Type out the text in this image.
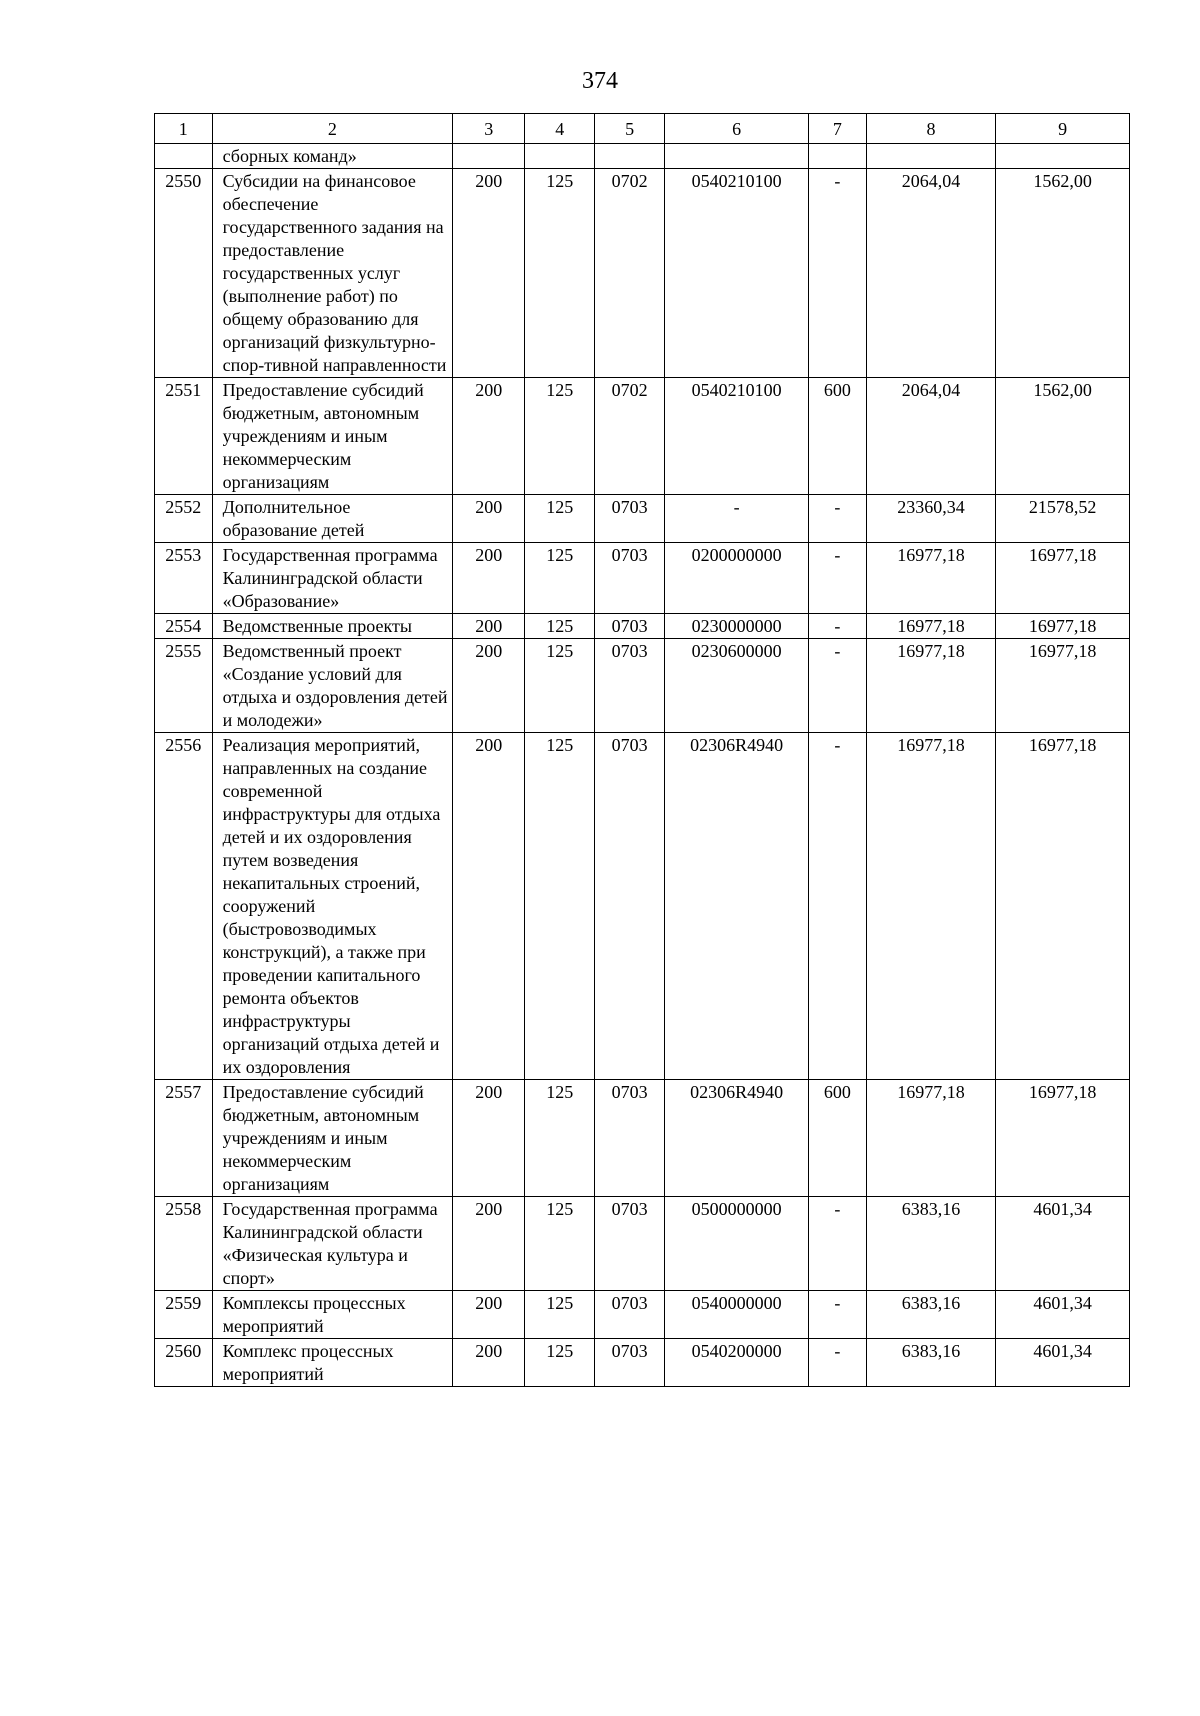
374
1	2	3	4	5	6	7	8	9
	сборных команд»							
2550	Субсидии на финансовое обеспечение государственного задания на предоставление государственных услуг (выполнение работ) по общему образованию для организаций физкультурно-спор-тивной направленности	200	125	0702	0540210100	-	2064,04	1562,00
2551	Предоставление субсидий бюджетным, автономным учреждениям и иным некоммерческим организациям	200	125	0702	0540210100	600	2064,04	1562,00
2552	Дополнительное образование детей	200	125	0703	-	-	23360,34	21578,52
2553	Государственная программа Калининградской области «Образование»	200	125	0703	0200000000	-	16977,18	16977,18
2554	Ведомственные проекты	200	125	0703	0230000000	-	16977,18	16977,18
2555	Ведомственный проект «Создание условий для отдыха и оздоровления детей и молодежи»	200	125	0703	0230600000	-	16977,18	16977,18
2556	Реализация мероприятий, направленных на создание современной инфраструктуры для отдыха детей и их оздоровления путем возведения некапитальных строений, сооружений (быстровозводимых конструкций), а также при проведении капитального ремонта объектов инфраструктуры организаций отдыха детей и их оздоровления	200	125	0703	02306R4940	-	16977,18	16977,18
2557	Предоставление субсидий бюджетным, автономным учреждениям и иным некоммерческим организациям	200	125	0703	02306R4940	600	16977,18	16977,18
2558	Государственная программа Калининградской области «Физическая культура и спорт»	200	125	0703	0500000000	-	6383,16	4601,34
2559	Комплексы процессных мероприятий	200	125	0703	0540000000	-	6383,16	4601,34
2560	Комплекс процессных мероприятий	200	125	0703	0540200000	-	6383,16	4601,34
